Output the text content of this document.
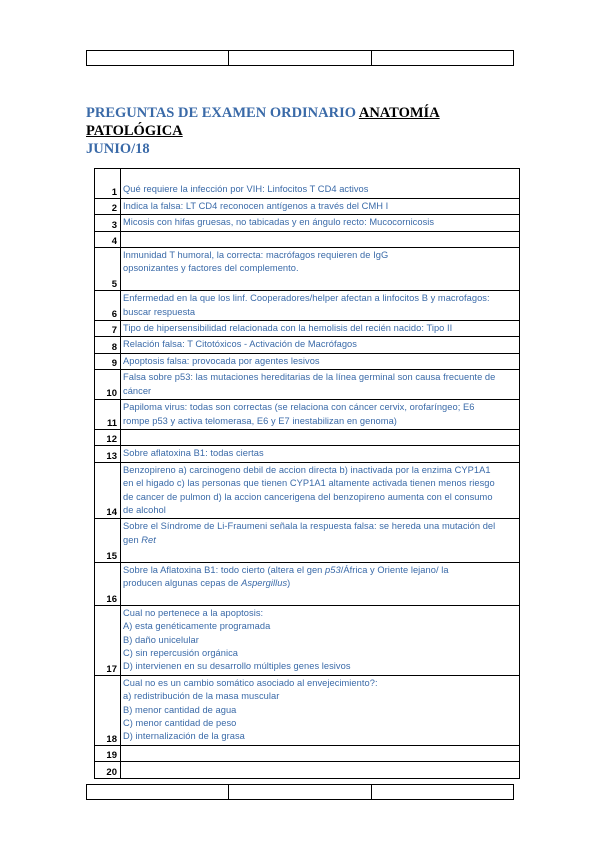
PREGUNTAS DE EXAMEN ORDINARIO ANATOMÍA PATOLÓGICA
JUNIO/18
1	Qué requiere la infección por VIH: Linfocitos T CD4 activos

2	Indica la falsa: LT CD4 reconocen antígenos a través del CMH I

3	Micosis con hifas gruesas, no tabicadas y en ángulo recto: Mucocornicosis

4	

5	Inmunidad T humoral, la correcta: macrófagos requieren de IgG
opsonizantes y factores del complemento.

6	Enfermedad en la que los linf. Cooperadores/helper afectan a linfocitos B y macrofagos:
buscar respuesta

7	Tipo de hipersensibilidad relacionada con la hemolisis del recién nacido: Tipo II

8	Relación falsa: T Citotóxicos - Activación de Macrófagos

9	Apoptosis falsa: provocada por agentes lesivos

10	Falsa sobre p53: las mutaciones hereditarias de la línea germinal son causa frecuente de
cáncer

11	Papiloma virus: todas son correctas (se relaciona con cáncer cervix, orofaríngeo; E6
rompe p53 y activa telomerasa, E6 y E7 inestabilizan en genoma)

12	

13	Sobre aflatoxina B1: todas ciertas

14	Benzopireno a) carcinogeno debil de accion directa b) inactivada por la enzima CYP1A1
en el higado c) las personas que tienen CYP1A1 altamente activada tienen menos riesgo
de cancer de pulmon d) la accion cancerigena del benzopireno aumenta con el consumo
de alcohol

15	Sobre el Síndrome de Li-Fraumeni señala la respuesta falsa: se hereda una mutación del
gen Ret

16	Sobre la Aflatoxina B1: todo cierto (altera el gen p53/África y Oriente lejano/ la
producen algunas cepas de Aspergillus)

17	Cual no pertenece a la apoptosis:
A) esta genéticamente programada
B) daño unicelular
C) sin repercusión orgánica
D) intervienen en su desarrollo múltiples genes lesivos

18	Cual no es un cambio somático asociado al envejecimiento?:
a) redistribución de la masa muscular
B) menor cantidad de agua
C) menor cantidad de peso
D) internalización de la grasa

19	

20	
